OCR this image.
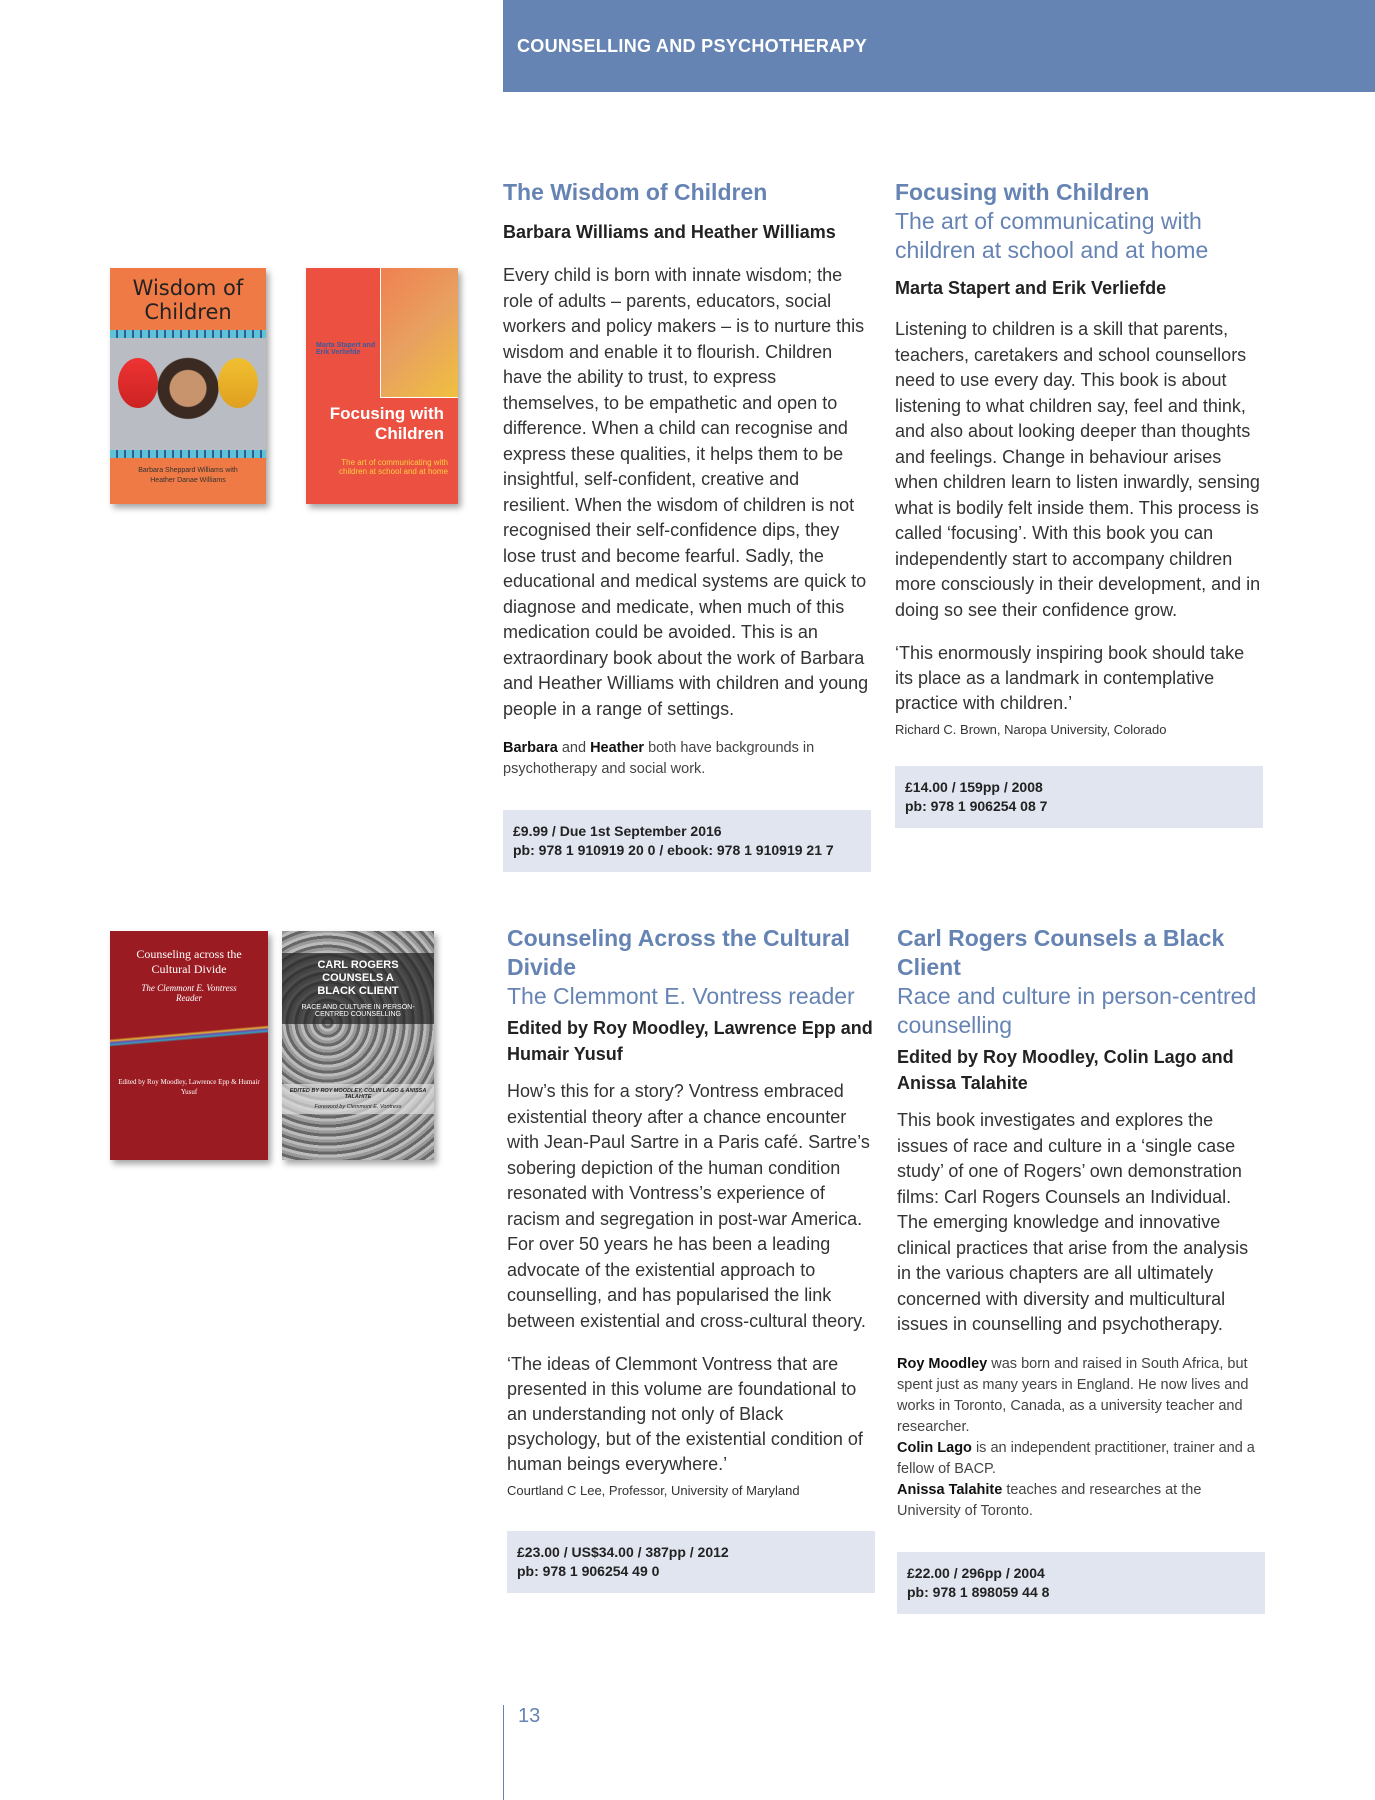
COUNSELLING AND PSYCHOTHERAPY
Wisdom of Children
Barbara Sheppard Williams with Heather Danae Williams
Marta Stapert and Erik Verliefde
Focusing with Children
The art of communicating with children at school and at home
Counseling across the Cultural Divide
The Clemmont E. Vontress Reader
Edited by Roy Moodley, Lawrence Epp & Humair Yusuf
CARL ROGERS COUNSELS A BLACK CLIENT
RACE AND CULTURE IN PERSON-CENTRED COUNSELLING
EDITED BY ROY MOODLEY, COLIN LAGO & ANISSA TALAHITE
Foreword by Clemmont E. Vontress
The Wisdom of Children
Barbara Williams and Heather Williams
Every child is born with innate wisdom; the role of adults – parents, educators, social workers and policy makers – is to nurture this wisdom and enable it to flourish. Children have the ability to trust, to express themselves, to be empathetic and open to difference. When a child can recognise and express these qualities, it helps them to be insightful, self-confident, creative and resilient. When the wisdom of children is not recognised their self-confidence dips, they lose trust and become fearful. Sadly, the educational and medical systems are quick to diagnose and medicate, when much of this medication could be avoided. This is an extraordinary book about the work of Barbara and Heather Williams with children and young people in a range of settings.
Barbara and Heather both have backgrounds in psychotherapy and social work.
£9.99 / Due 1st September 2016
pb: 978 1 910919 20 0 / ebook: 978 1 910919 21 7
Focusing with Children
The art of communicating with children at school and at home
Marta Stapert and Erik Verliefde
Listening to children is a skill that parents, teachers, caretakers and school counsellors need to use every day. This book is about listening to what children say, feel and think, and also about looking deeper than thoughts and feelings. Change in behaviour arises when children learn to listen inwardly, sensing what is bodily felt inside them. This process is called ‘focusing’. With this book you can independently start to accompany children more consciously in their development, and in doing so see their confidence grow.
‘This enormously inspiring book should take its place as a landmark in contemplative practice with children.’
Richard C. Brown, Naropa University, Colorado
£14.00 / 159pp / 2008
pb: 978 1 906254 08 7
Counseling Across the Cultural Divide
The Clemmont E. Vontress reader
Edited by Roy Moodley, Lawrence Epp and Humair Yusuf
How’s this for a story? Vontress embraced existential theory after a chance encounter with Jean-Paul Sartre in a Paris café. Sartre’s sobering depiction of the human condition resonated with Vontress’s experience of racism and segregation in post-war America. For over 50 years he has been a leading advocate of the existential approach to counselling, and has popularised the link between existential and cross-cultural theory.
‘The ideas of Clemmont Vontress that are presented in this volume are foundational to an understanding not only of Black psychology, but of the existential condition of human beings everywhere.’
Courtland C Lee, Professor, University of Maryland
£23.00 / US$34.00 / 387pp / 2012
pb: 978 1 906254 49 0
Carl Rogers Counsels a Black Client
Race and culture in person-centred counselling
Edited by Roy Moodley, Colin Lago and Anissa Talahite
This book investigates and explores the issues of race and culture in a ‘single case study’ of one of Rogers’ own demonstration films: Carl Rogers Counsels an Individual. The emerging knowledge and innovative clinical practices that arise from the analysis in the various chapters are all ultimately concerned with diversity and multicultural issues in counselling and psychotherapy.
Roy Moodley was born and raised in South Africa, but spent just as many years in England. He now lives and works in Toronto, Canada, as a university teacher and researcher.
Colin Lago is an independent practitioner, trainer and a fellow of BACP.
Anissa Talahite teaches and researches at the University of Toronto.
£22.00 / 296pp / 2004
pb: 978 1 898059 44 8
13
